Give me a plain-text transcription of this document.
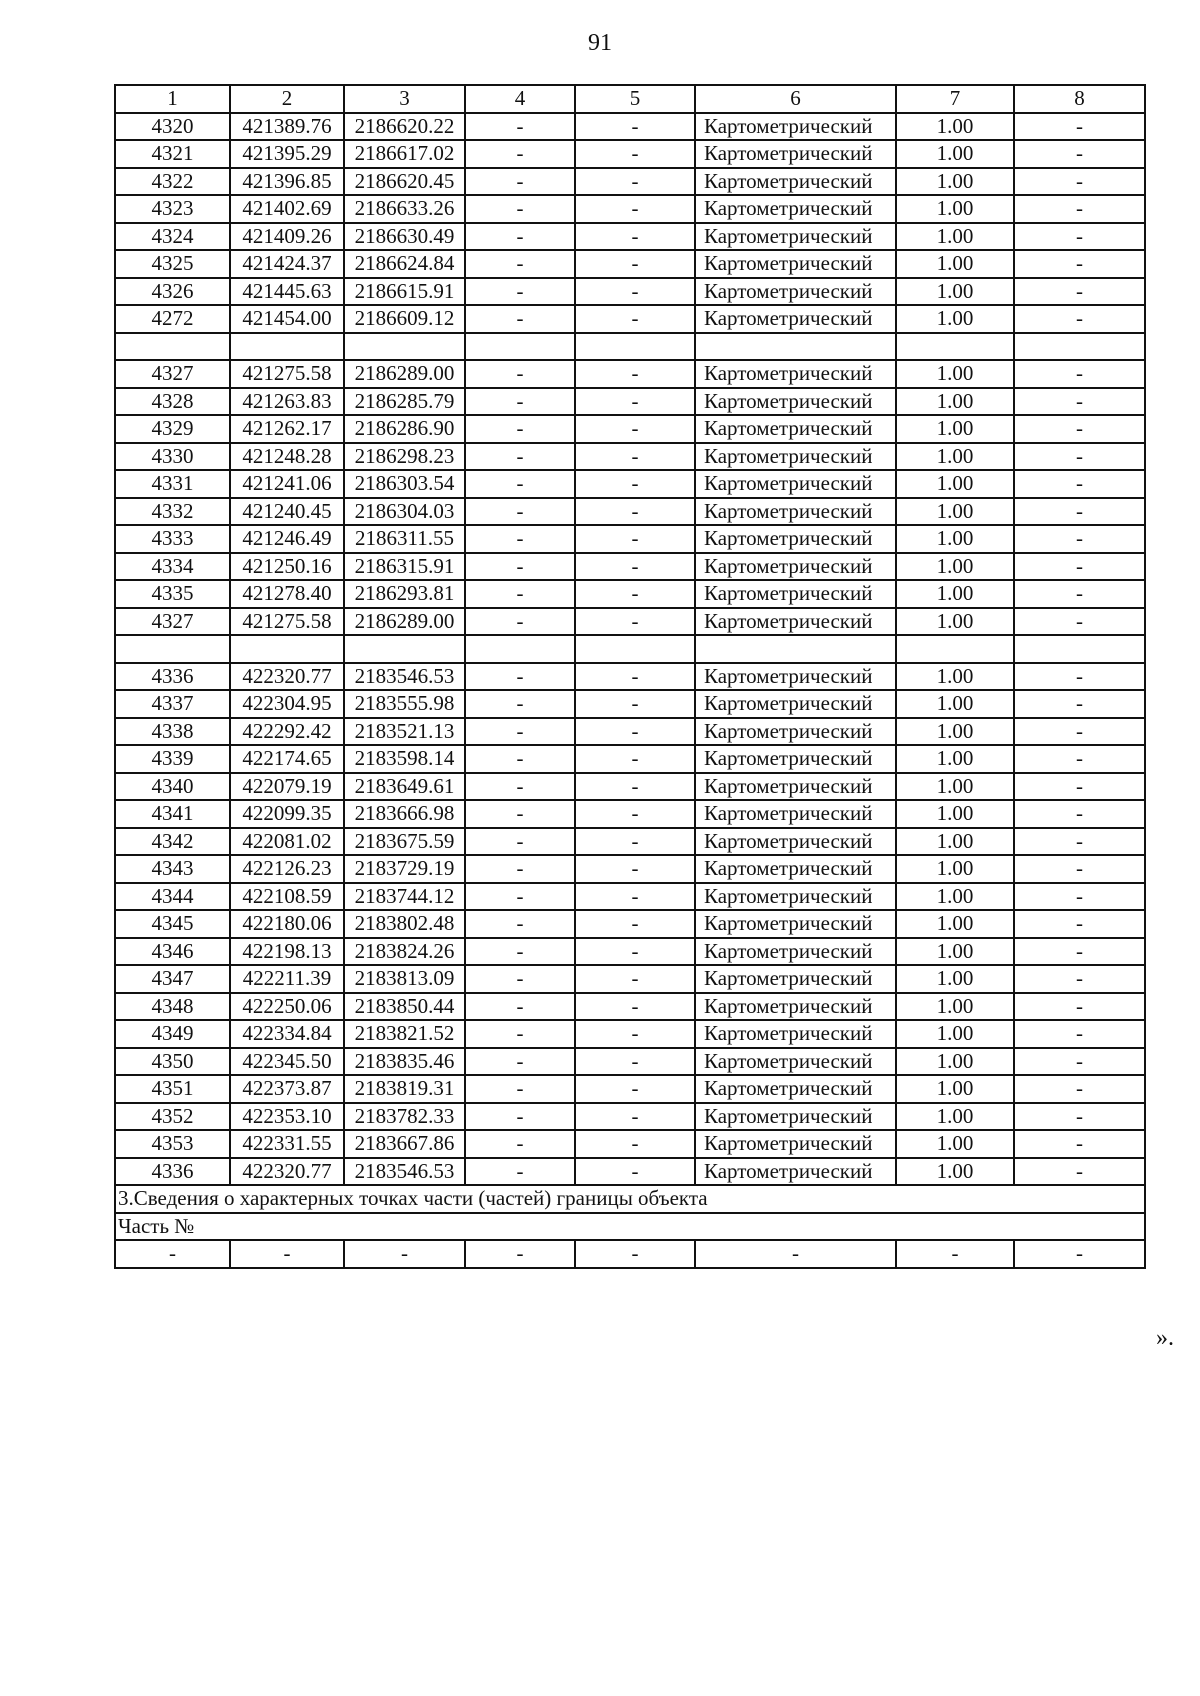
91
1	2	3	4	5	6	7	8
4320	421389.76	2186620.22	-	-	Картометрический	1.00	-
4321	421395.29	2186617.02	-	-	Картометрический	1.00	-
4322	421396.85	2186620.45	-	-	Картометрический	1.00	-
4323	421402.69	2186633.26	-	-	Картометрический	1.00	-
4324	421409.26	2186630.49	-	-	Картометрический	1.00	-
4325	421424.37	2186624.84	-	-	Картометрический	1.00	-
4326	421445.63	2186615.91	-	-	Картометрический	1.00	-
4272	421454.00	2186609.12	-	-	Картометрический	1.00	-

4327	421275.58	2186289.00	-	-	Картометрический	1.00	-
4328	421263.83	2186285.79	-	-	Картометрический	1.00	-
4329	421262.17	2186286.90	-	-	Картометрический	1.00	-
4330	421248.28	2186298.23	-	-	Картометрический	1.00	-
4331	421241.06	2186303.54	-	-	Картометрический	1.00	-
4332	421240.45	2186304.03	-	-	Картометрический	1.00	-
4333	421246.49	2186311.55	-	-	Картометрический	1.00	-
4334	421250.16	2186315.91	-	-	Картометрический	1.00	-
4335	421278.40	2186293.81	-	-	Картометрический	1.00	-
4327	421275.58	2186289.00	-	-	Картометрический	1.00	-

4336	422320.77	2183546.53	-	-	Картометрический	1.00	-
4337	422304.95	2183555.98	-	-	Картометрический	1.00	-
4338	422292.42	2183521.13	-	-	Картометрический	1.00	-
4339	422174.65	2183598.14	-	-	Картометрический	1.00	-
4340	422079.19	2183649.61	-	-	Картометрический	1.00	-
4341	422099.35	2183666.98	-	-	Картометрический	1.00	-
4342	422081.02	2183675.59	-	-	Картометрический	1.00	-
4343	422126.23	2183729.19	-	-	Картометрический	1.00	-
4344	422108.59	2183744.12	-	-	Картометрический	1.00	-
4345	422180.06	2183802.48	-	-	Картометрический	1.00	-
4346	422198.13	2183824.26	-	-	Картометрический	1.00	-
4347	422211.39	2183813.09	-	-	Картометрический	1.00	-
4348	422250.06	2183850.44	-	-	Картометрический	1.00	-
4349	422334.84	2183821.52	-	-	Картометрический	1.00	-
4350	422345.50	2183835.46	-	-	Картометрический	1.00	-
4351	422373.87	2183819.31	-	-	Картометрический	1.00	-
4352	422353.10	2183782.33	-	-	Картометрический	1.00	-
4353	422331.55	2183667.86	-	-	Картометрический	1.00	-
4336	422320.77	2183546.53	-	-	Картометрический	1.00	-
3.Сведения о характерных точках части (частей) границы объекта							
Часть №							
-	-	-	-	-	-	-	-
».
